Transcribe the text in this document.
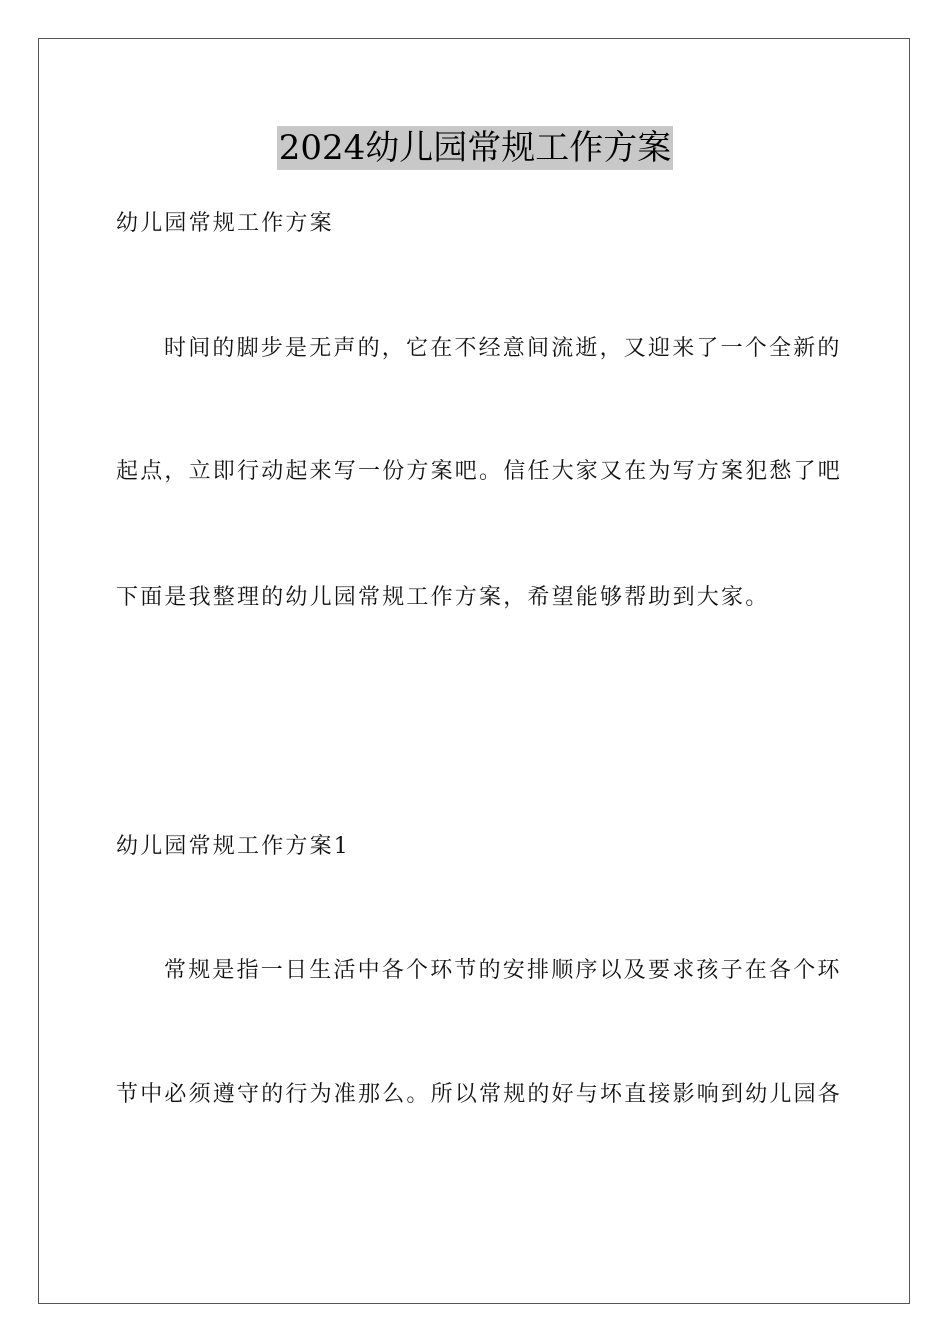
2024幼儿园常规工作方案
幼儿园常规工作方案
时间的脚步是无声的，它在不经意间流逝，又迎来了一个全新的
起点，立即行动起来写一份方案吧。信任大家又在为写方案犯愁了吧
下面是我整理的幼儿园常规工作方案，希望能够帮助到大家。
幼儿园常规工作方案1
常规是指一日生活中各个环节的安排顺序以及要求孩子在各个环
节中必须遵守的行为准那么。所以常规的好与坏直接影响到幼儿园各
